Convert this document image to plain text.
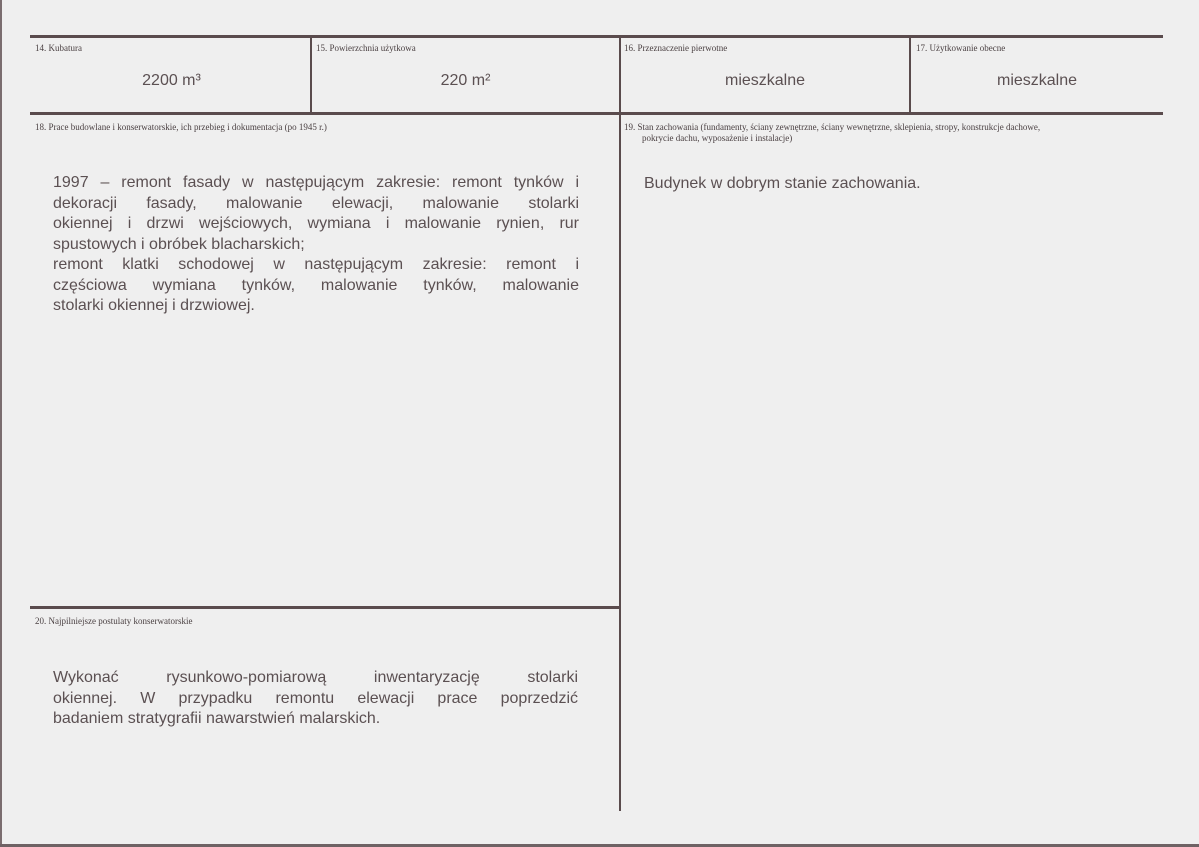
14. Kubatura
2200 m³
15. Powierzchnia użytkowa
220 m²
16. Przeznaczenie pierwotne
mieszkalne
17. Użytkowanie obecne
mieszkalne
18. Prace budowlane i konserwatorskie, ich przebieg i dokumentacja (po 1945 r.)
1997 – remont fasady w następującym zakresie: remont tynków i
dekoracji fasady, malowanie elewacji, malowanie stolarki
okiennej i drzwi wejściowych, wymiana i malowanie rynien, rur
spustowych i obróbek blacharskich;
remont klatki schodowej w następującym zakresie: remont i
częściowa wymiana tynków, malowanie tynków, malowanie
stolarki okiennej i drzwiowej.
19. Stan zachowania (fundamenty, ściany zewnętrzne, ściany wewnętrzne, sklepienia, stropy, konstrukcje dachowe,
pokrycie dachu, wyposażenie i instalacje)
Budynek w dobrym stanie zachowania.
20. Najpilniejsze postulaty konserwatorskie
Wykonać rysunkowo-pomiarową inwentaryzację stolarki
okiennej. W przypadku remontu elewacji prace poprzedzić
badaniem stratygrafii nawarstwień malarskich.
